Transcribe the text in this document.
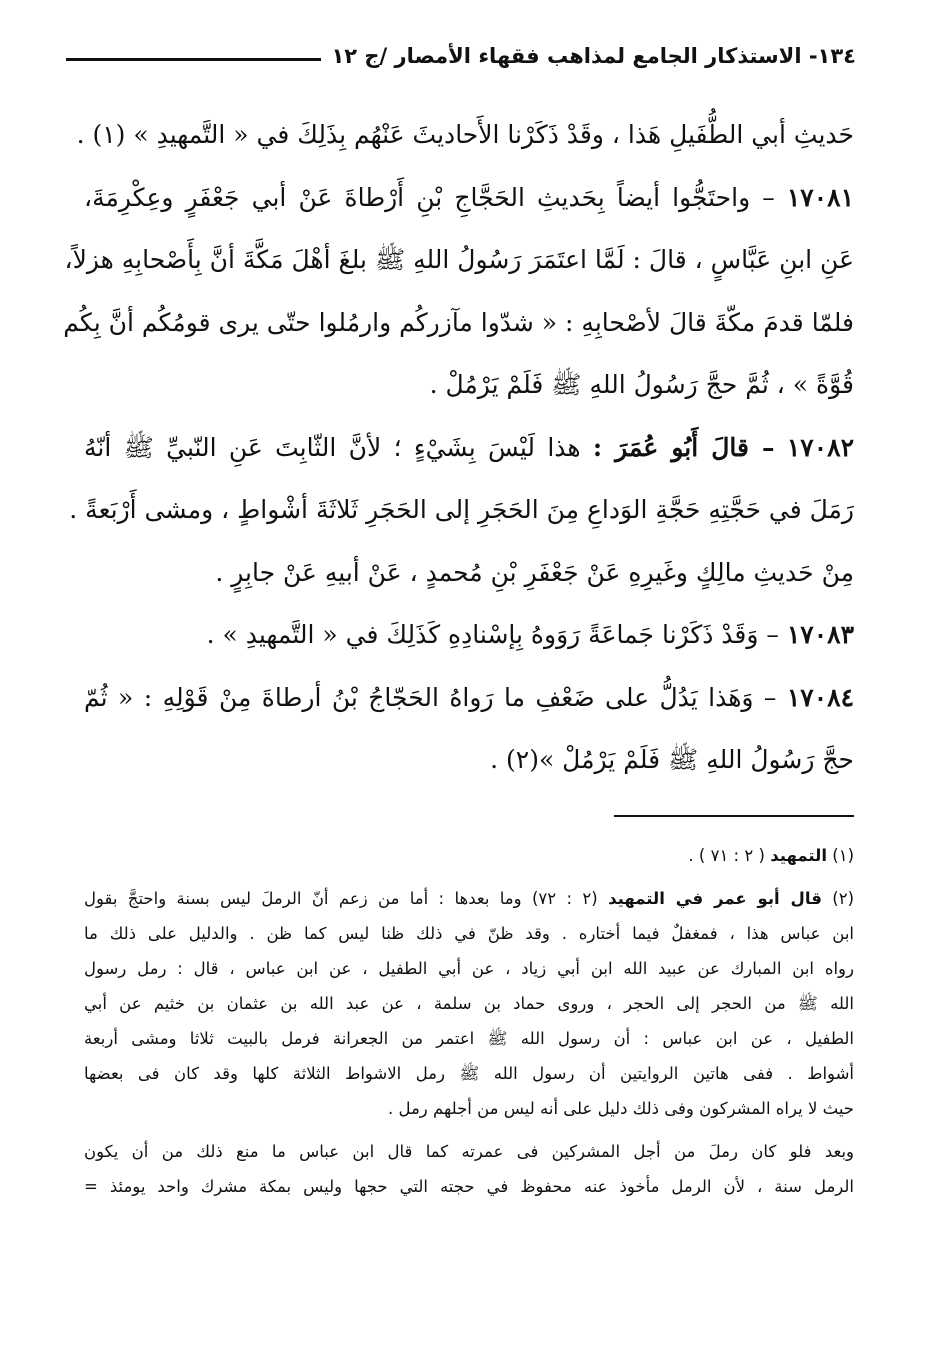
١٣٤- الاستذكار الجامع لمذاهب فقهاء الأمصار /ج ١٢
حَديثِ أبي الطُّفَيلِ هَذا ، وقَدْ ذَكَرْنا الأَحاديثَ عَنْهُم بِذَلِكَ في « التَّمهيدِ » (١) .
١٧٠٨١ – واحتَجُّوا أيضاً بِحَديثِ الحَجَّاجِ بْنِ أَرْطاةَ عَنْ أبي جَعْفَرٍ وعِكْرِمَةَ،
عَنِ ابنِ عَبَّاسٍ ، قالَ : لَمَّا اعتَمَرَ رَسُولُ اللهِ ﷺ بلغَ أهْلَ مَكَّةَ أنَّ بِأَصْحابِهِ هزلاً،
فلمّا قدمَ مكّةَ قالَ لأصْحابِهِ : « شدّوا مآزركُم وارمُلوا حتّى يرى قومُكُم أنَّ بِكُم
قُوَّةً » ، ثُمَّ حجَّ رَسُولُ اللهِ ﷺ فَلَمْ يَرْمُلْ .
١٧٠٨٢ – قالَ أَبُو عُمَرَ : هذا لَيْسَ بِشَيْءٍ ؛ لأنَّ الثّابِتَ عَنِ النّبيِّ ﷺ أنّهُ
رَمَلَ في حَجَّتِهِ حَجَّةِ الوَداعِ مِنَ الحَجَرِ إلى الحَجَرِ ثَلاثَةَ أشْواطٍ ، ومشى أَرْبَعةً .
مِنْ حَديثِ مالِكٍ وغَيرِهِ عَنْ جَعْفَرِ بْنِ مُحمدٍ ، عَنْ أبيهِ عَنْ جابِرٍ .
١٧٠٨٣ – وَقَدْ ذَكَرْنا جَماعَةً رَوَوهُ بِإسْنادِهِ كَذَلِكَ في « التَّمهيدِ » .
١٧٠٨٤ – وَهَذا يَدُلُّ على ضَعْفِ ما رَواهُ الحَجّاجُ بْنُ أرطاةَ مِنْ قَوْلِهِ : « ثُمّ
حجَّ رَسُولُ اللهِ ﷺ فَلَمْ يَرْمُلْ »(٢) .
(١) التمهيد ( ٢ : ٧١ ) .
(٢) قال أبو عمر في التمهيد (٢ : ٧٢) وما بعدها : أما من زعم أنّ الرملَ ليس بسنة واحتجَّ بقول
ابن عباس هذا ، فمغفلٌ فيما أختاره . وقد ظنّ في ذلك ظنا ليس كما ظن . والدليل على ذلك ما
رواه ابن المبارك عن عبيد الله ابن أبي زياد ، عن أبي الطفيل ، عن ابن عباس ، قال : رمل رسول
الله ﷺ من الحجر إلى الحجر ، وروى حماد بن سلمة ، عن عبد الله بن عثمان بن خثيم عن أبي
الطفيل ، عن ابن عباس : أن رسول الله ﷺ اعتمر من الجعرانة فرمل بالبيت ثلاثا ومشى أربعة
أشواط . ففى هاتين الروايتين أن رسول الله ﷺ رمل الاشواط الثلاثة كلها وقد كان فى بعضها
حيث لا يراه المشركون وفى ذلك دليل على أنه ليس من أجلهم رمل .
وبعد فلو كان رملَ من أجل المشركين فى عمرته كما قال ابن عباس ما منع ذلك من أن يكون
الرمل سنة ، لأن الرمل مأخوذ عنه محفوظ في حجته التي حجها وليس بمكة مشرك واحد يومئذ =
